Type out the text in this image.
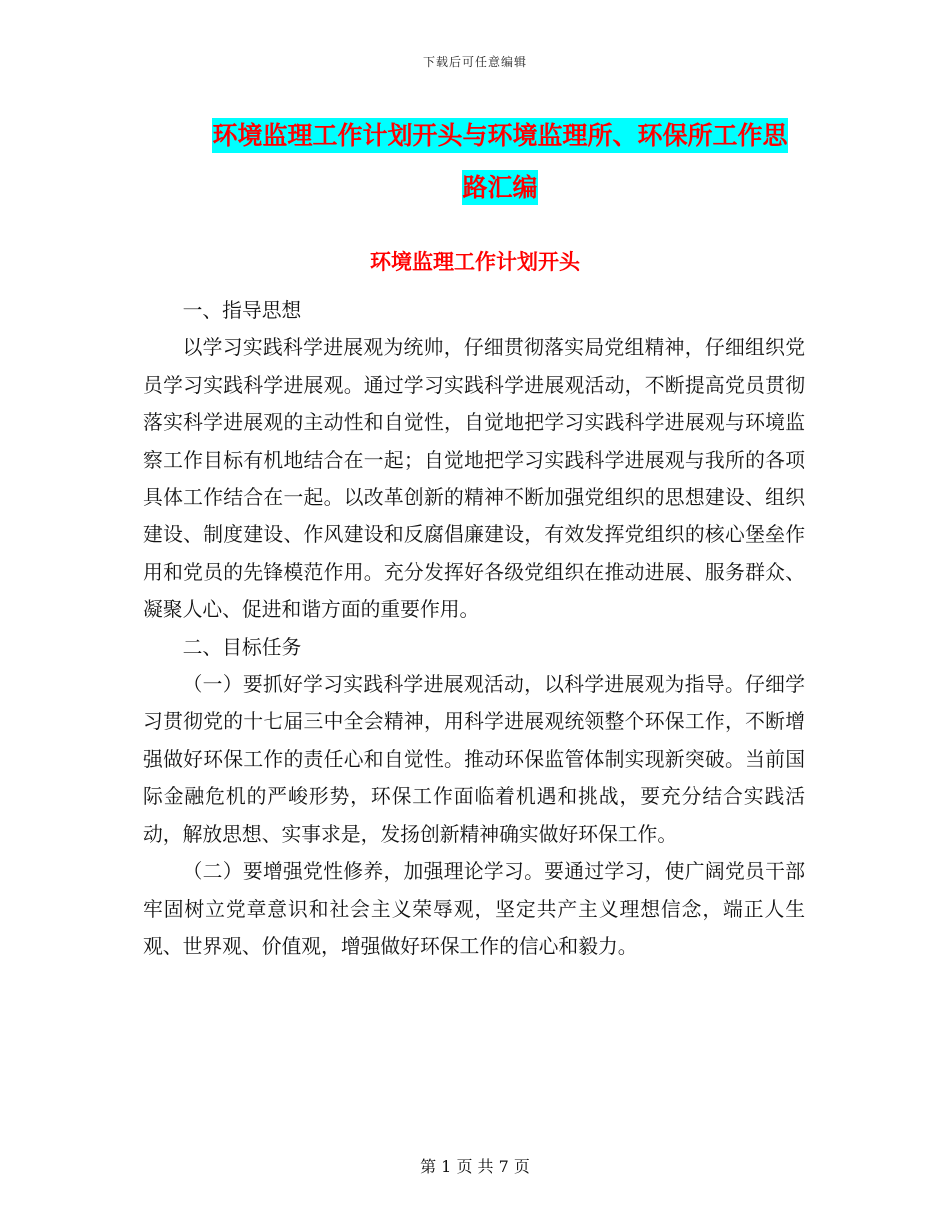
下载后可任意编辑
环境监理工作计划开头与环境监理所、环保所工作思
路汇编
环境监理工作计划开头

一、指导思想

以学习实践科学进展观为统帅，仔细贯彻落实局党组精神，仔细组织党员学习实践科学进展观。通过学习实践科学进展观活动，不断提高党员贯彻落实科学进展观的主动性和自觉性，自觉地把学习实践科学进展观与环境监察工作目标有机地结合在一起；自觉地把学习实践科学进展观与我所的各项具体工作结合在一起。以改革创新的精神不断加强党组织的思想建设、组织建设、制度建设、作风建设和反腐倡廉建设，有效发挥党组织的核心堡垒作用和党员的先锋模范作用。充分发挥好各级党组织在推动进展、服务群众、凝聚人心、促进和谐方面的重要作用。

二、目标任务

（一）要抓好学习实践科学进展观活动，以科学进展观为指导。仔细学习贯彻党的十七届三中全会精神，用科学进展观统领整个环保工作，不断增强做好环保工作的责任心和自觉性。推动环保监管体制实现新突破。当前国际金融危机的严峻形势，环保工作面临着机遇和挑战，要充分结合实践活动，解放思想、实事求是，发扬创新精神确实做好环保工作。

（二）要增强党性修养，加强理论学习。要通过学习，使广阔党员干部牢固树立党章意识和社会主义荣辱观，坚定共产主义理想信念，端正人生观、世界观、价值观，增强做好环保工作的信心和毅力。

第 1 页 共 7 页
